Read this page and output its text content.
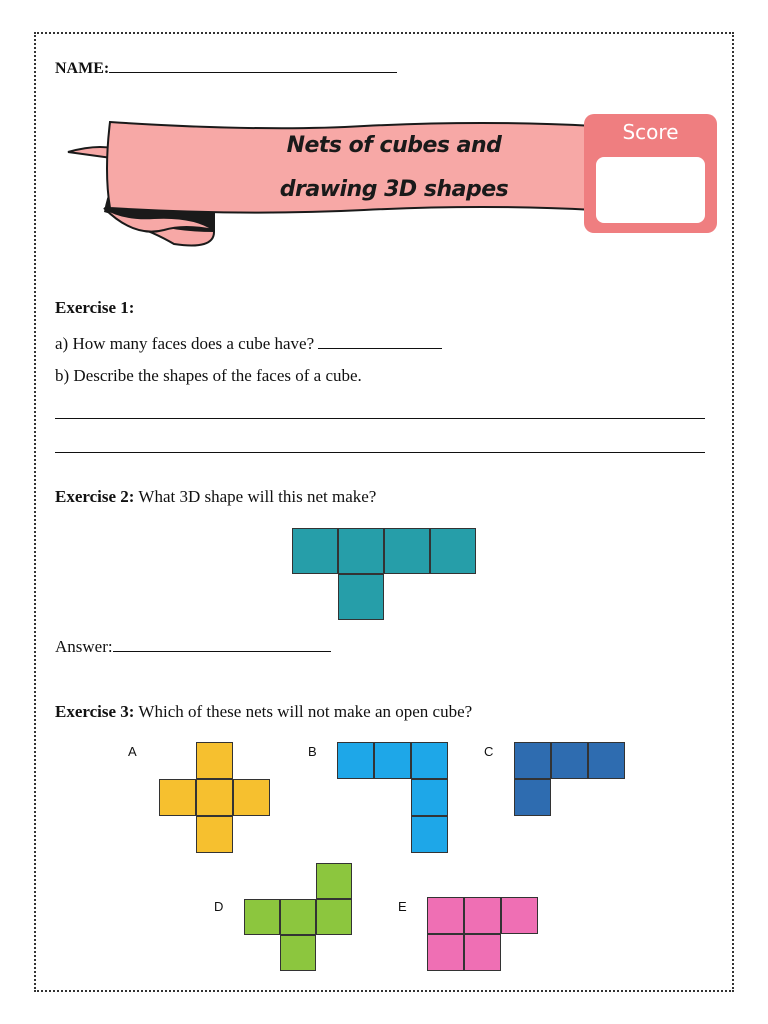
NAME:
Nets of cubes and
drawing 3D shapes
Score
Exercise 1:
a) How many faces does a cube have?
b) Describe the shapes of the faces of a cube.
Exercise 2: What 3D shape will this net make?
Answer:
Exercise 3: Which of these nets will not make an open cube?
A	B	C
D	E
